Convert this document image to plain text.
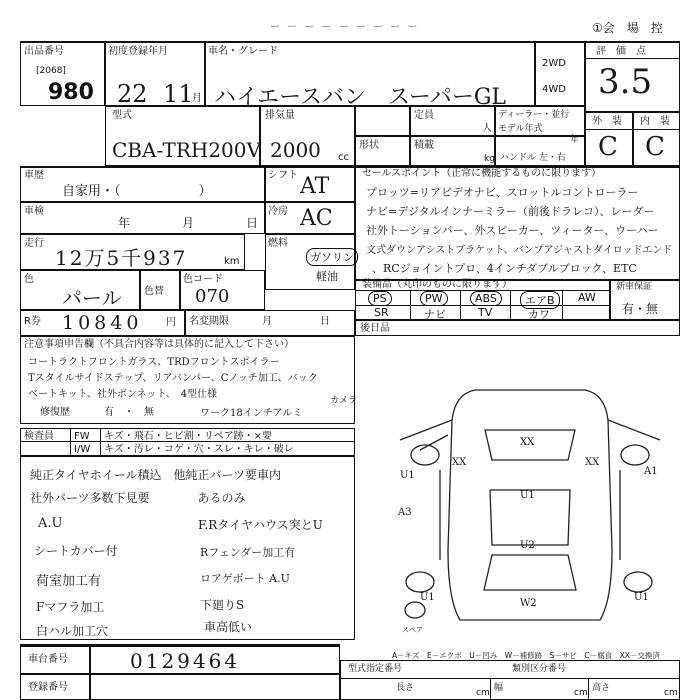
ー ー ー ー ー ー ー ー ー	①会　場　控
出品番号
[2068]
980
初度登録年月
22 11
月
車名・グレード
ハイエースバン　スーパーGL
2WD
4WD
評　価　点
3.5
型式
CBA-TRH200V
排気量
2000 cc
定員
人
ディーラー・並行
モデル年式
年
形状	積載
kg ハンドル 左・右
外　装 内　装
C C
車歴
自家用・（　　　　　　）
シフト AT
車検
年	月	日
冷房 AC
走行
12万5千937	km
燃料
ガソリン
軽油
色
パール 色替
色コード
070
R券 10840 円 名変期限	月	日
セールスポイント（正常に機能するものに限ります）
プロッツ=リアビデオナビ、スロットルコントローラー
ナビ=デジタルインナーミラー（前後ドラレコ）、レーダー
社外トーションバー、外スピーカー、ツィーター、ウーハー
文式ダウンアシストブラケット、バンプアジャストダイロッドエンド
、RCジョイントプロ、4インチダブルブロック、ETC
装備品（丸印のものに限ります）
PS	PW	ABS	エアB	AW
SR	ナビ	TV	カワ
新車保証
有・無
後日品
注意事項申告欄（不具合内容等は具体的に記入して下さい）
コートラクトフロントガラス、TRDフロントスポイラー
Tスタイルサイドステップ、リアバンパー、Cノッチ加工、バック
ベートキット、社外ボンネット、　4型仕様
修復歴	有　・　無	ワーク18インチアルミ
カメラ
検査員 FW キズ・飛石・ヒビ割・リペア跡・×要
I/W キズ・汚レ・コゲ・穴・スレ・キレ・破レ
純正タイヤホイール積込　他純正パーツ要車内
社外パーツ多数下見要　　　　あるのみ
A.U
シートカバー付
荷室加工有
Fマフラ加工
白ハル加工穴
F.Rタイヤハウス突とU
Rフェンダー加工有
ロアゲボート A.U
下廻りS
車高低い
XX
XX	XX
U1	A1
A3
U1
U2
U1	U1
W2
スペア
A－キズ　E－エクボ　U－凹み　W－補修跡　S－サビ　C－腐食　XX－交換済
車台番号	0129464
登録番号
型式指定番号	類別区分番号
長さ	cm 幅	cm 高さ	cm
